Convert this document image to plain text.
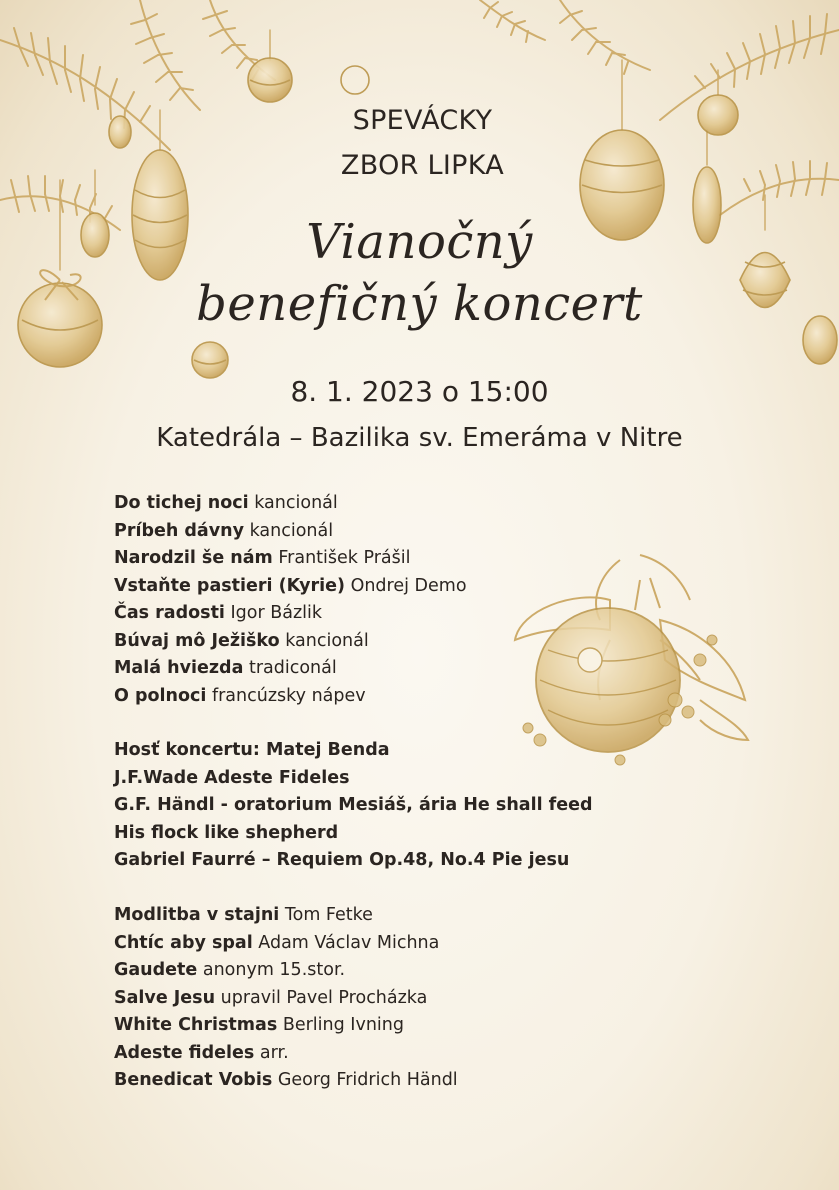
SPEVÁCKY
ZBOR LIPKA
Vianočný
benefičný koncert
8. 1. 2023 o 15:00
Katedrála – Bazilika sv. Emeráma v Nitre
Do tichej noci kancionál
Príbeh dávny kancionál
Narodzil še nám František Prášil
Vstaňte pastieri (Kyrie) Ondrej Demo
Čas radosti Igor Bázlik
Búvaj mô Ježiško kancionál
Malá hviezda tradiconál
O polnoci francúzsky nápev
Hosť koncertu: Matej Benda
J.F.Wade Adeste Fideles
G.F. Händl - oratorium Mesiáš, ária He shall feed
His flock like shepherd
Gabriel Faurré – Requiem Op.48, No.4 Pie jesu
Modlitba v stajni Tom Fetke
Chtíc aby spal Adam Václav Michna
Gaudete anonym 15.stor.
Salve Jesu upravil Pavel Procházka
White Christmas Berling Ivning
Adeste fideles arr.
Benedicat Vobis Georg Fridrich Händl
